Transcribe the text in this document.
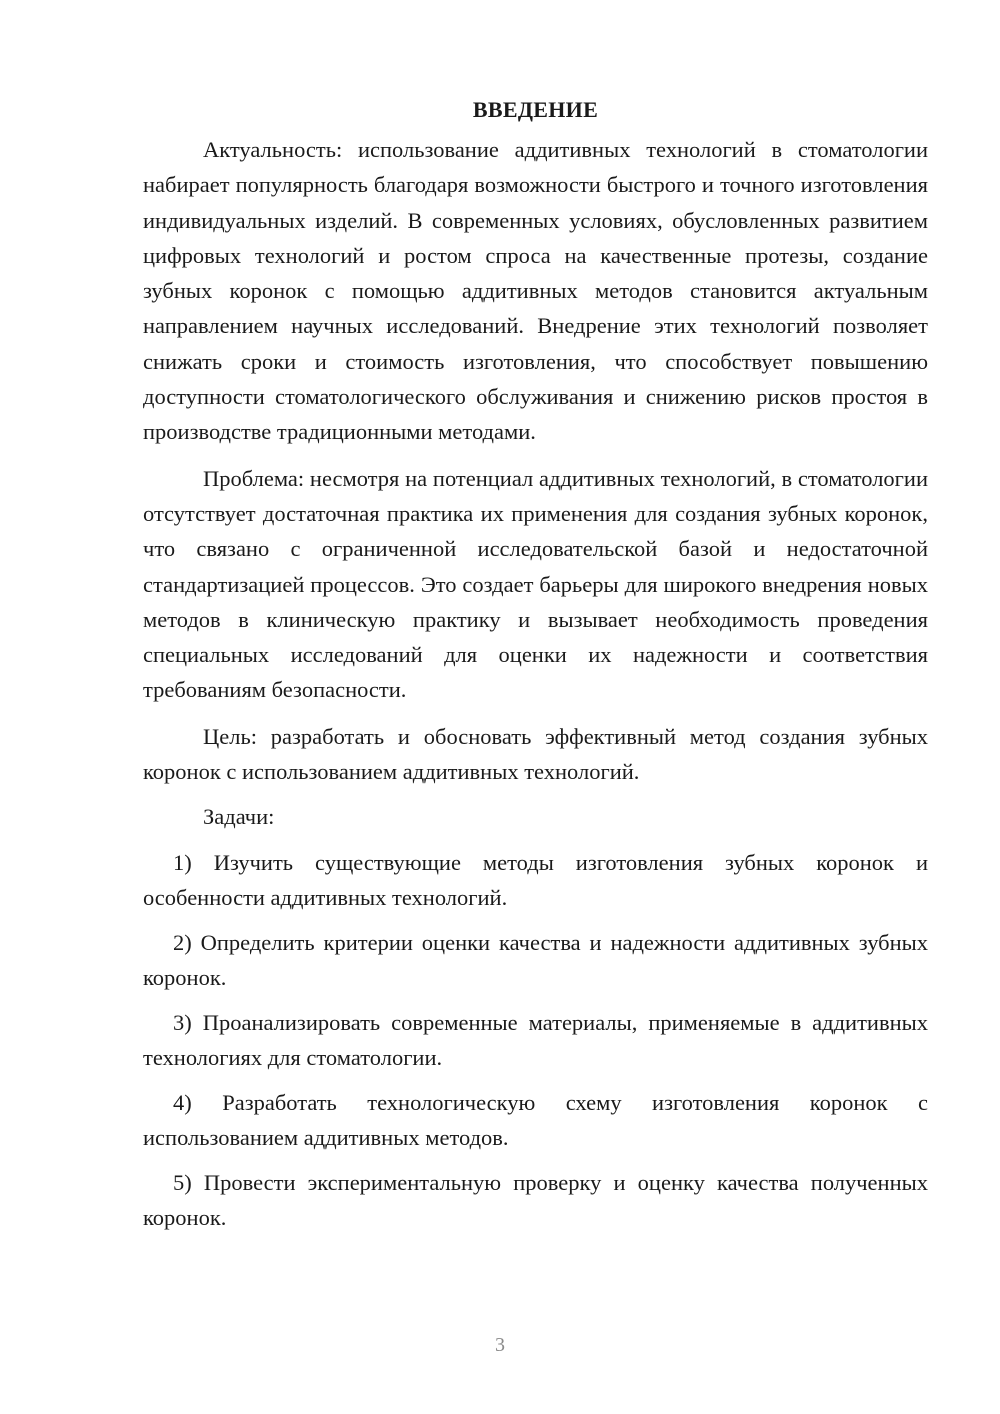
ВВЕДЕНИЕ

Актуальность: использование аддитивных технологий в стоматологии набирает популярность благодаря возможности быстрого и точного изготовления индивидуальных изделий. В современных условиях, обусловленных развитием цифровых технологий и ростом спроса на качественные протезы, создание зубных коронок с помощью аддитивных методов становится актуальным направлением научных исследований. Внедрение этих технологий позволяет снижать сроки и стоимость изготовления, что способствует повышению доступности стоматологического обслуживания и снижению рисков простоя в производстве традиционными методами.

Проблема: несмотря на потенциал аддитивных технологий, в стоматологии отсутствует достаточная практика их применения для создания зубных коронок, что связано с ограниченной исследовательской базой и недостаточной стандартизацией процессов. Это создает барьеры для широкого внедрения новых методов в клиническую практику и вызывает необходимость проведения специальных исследований для оценки их надежности и соответствия требованиям безопасности.

Цель: разработать и обосновать эффективный метод создания зубных коронок с использованием аддитивных технологий.

Задачи:

1) Изучить существующие методы изготовления зубных коронок и особенности аддитивных технологий.

2) Определить критерии оценки качества и надежности аддитивных зубных коронок.

3) Проанализировать современные материалы, применяемые в аддитивных технологиях для стоматологии.

4) Разработать технологическую схему изготовления коронок с использованием аддитивных методов.

5) Провести экспериментальную проверку и оценку качества полученных коронок.

3
